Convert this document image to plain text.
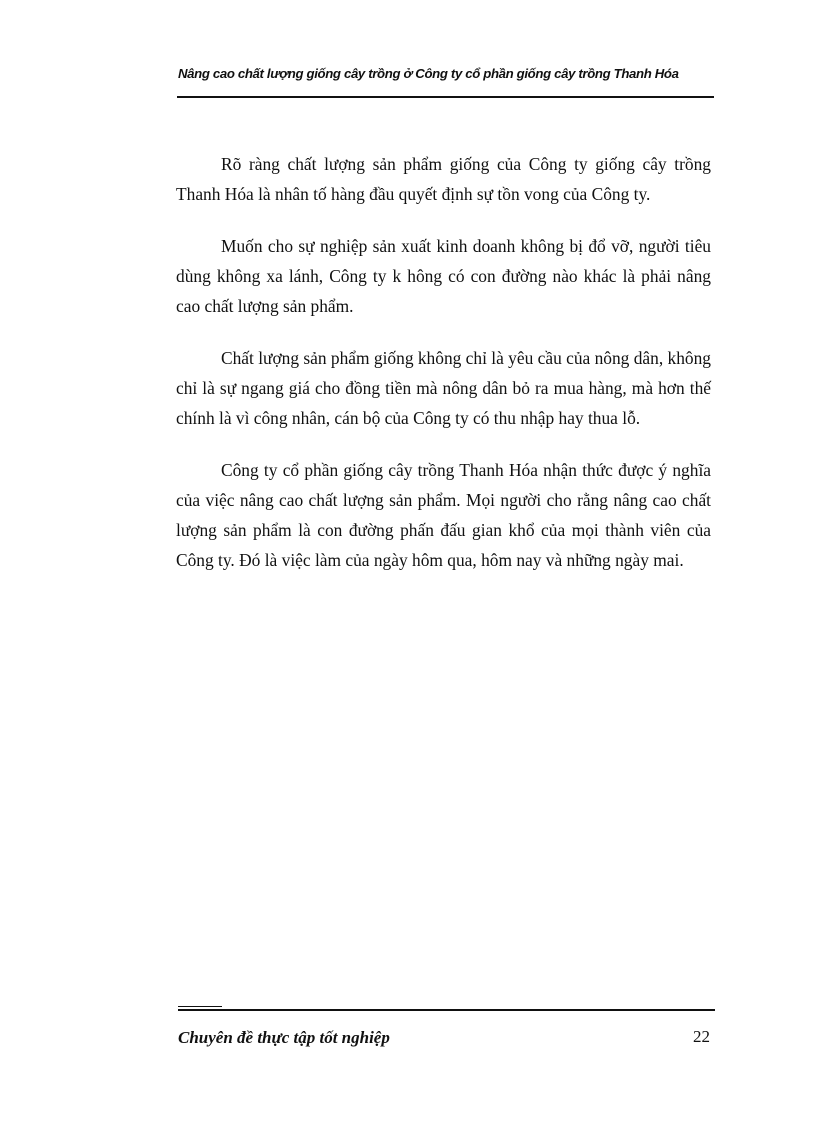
Nâng cao chất lượng giống cây trồng ở Công ty cổ phần giống cây trồng Thanh Hóa

Rõ ràng chất lượng sản phẩm giống của Công ty giống cây trồng Thanh Hóa là nhân tố hàng đầu quyết định sự tồn vong của Công ty.

Muốn cho sự nghiệp sản xuất kinh doanh không bị đổ vỡ, người tiêu dùng không xa lánh, Công ty k hông có con đường nào khác là phải nâng cao chất lượng sản phẩm.

Chất lượng sản phẩm giống không chỉ là yêu cầu của nông dân, không chỉ là sự ngang giá cho đồng tiền mà nông dân bỏ ra mua hàng, mà hơn thế chính là vì công nhân, cán bộ của Công ty có thu nhập hay thua lỗ.

Công ty cổ phần giống cây trồng Thanh Hóa nhận thức được ý nghĩa của việc nâng cao chất lượng sản phẩm. Mọi người cho rằng nâng cao chất lượng sản phẩm là con đường phấn đấu gian khổ của mọi thành viên của Công ty. Đó là việc làm của ngày hôm qua, hôm nay và những ngày mai.

Chuyên đề thực tập tốt nghiệp	22
